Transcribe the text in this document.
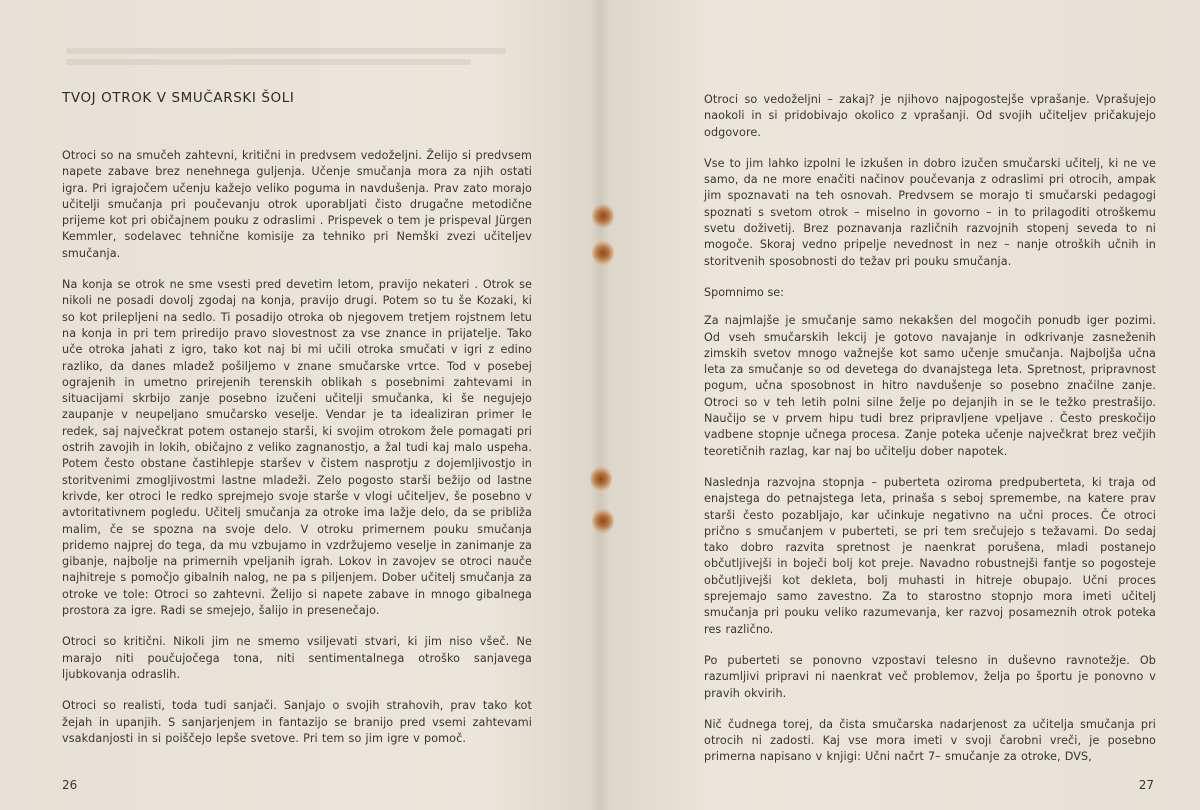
TVOJ OTROK V SMUČARSKI ŠOLI

Otroci so na smučeh zahtevni, kritični in predvsem vedoželjni. Želijo si predvsem napete zabave brez nenehnega guljenja. Učenje smučanja mora za njih ostati igra. Pri igrajočem učenju kažejo veliko poguma in navdušenja. Prav zato morajo učitelji smučanja pri poučevanju otrok uporabljati čisto drugačne metodične prijeme kot pri običajnem pouku z odraslimi . Prispevek o tem je prispeval Jürgen Kemmler, sodelavec tehnične komisije za tehniko pri Nemški zvezi učiteljev smučanja.

Na konja se otrok ne sme vsesti pred devetim letom, pravijo nekateri . Otrok se nikoli ne posadi dovolj zgodaj na konja, pravijo drugi. Potem so tu še Kozaki, ki so kot prilepljeni na sedlo. Ti posadijo otroka ob njegovem tretjem rojstnem letu na konja in pri tem priredijo pravo slovestnost za vse znance in prijatelje. Tako uče otroka jahati z igro, tako kot naj bi mi učili otroka smučati v igri z edino razliko, da danes mladež pošiljemo v znane smučarske vrtce. Tod v posebej ograjenih in umetno prirejenih terenskih oblikah s posebnimi zahtevami in situacijami skrbijo zanje posebno izučeni učitelji smučanka, ki še negujejo zaupanje v neupeljano smučarsko veselje. Vendar je ta idealiziran primer le redek, saj največkrat potem ostanejo starši, ki svojim otrokom žele pomagati pri ostrih zavojih in lokih, običajno z veliko zagnanostjo, a žal tudi kaj malo uspeha. Potem često obstane častihlepje staršev v čistem nasprotju z dojemljivostjo in storitvenimi zmogljivostmi lastne mladeži. Zelo pogosto starši bežijo od lastne krivde, ker otroci le redko sprejmejo svoje starše v vlogi učiteljev, še posebno v avtoritativnem pogledu. Učitelj smučanja za otroke ima lažje delo, da se približa malim, če se spozna na svoje delo. V otroku primernem pouku smučanja pridemo najprej do tega, da mu vzbujamo in vzdržujemo veselje in zanimanje za gibanje, najbolje na primernih vpeljanih igrah. Lokov in zavojev se otroci nauče najhitreje s pomočjo gibalnih nalog, ne pa s piljenjem. Dober učitelj smučanja za otroke ve tole: Otroci so zahtevni. Želijo si napete zabave in mnogo gibalnega prostora za igre. Radi se smejejo, šalijo in presenečajo.

Otroci so kritični. Nikoli jim ne smemo vsiljevati stvari, ki jim niso všeč. Ne marajo niti poučujočega tona, niti sentimentalnega otroško sanjavega ljubkovanja odraslih.

Otroci so realisti, toda tudi sanjači. Sanjajo o svojih strahovih, prav tako kot žejah in upanjih. S sanjarjenjem in fantazijo se branijo pred vsemi zahtevami vsakdanjosti in si poiščejo lepše svetove. Pri tem so jim igre v pomoč.

26

Otroci so vedoželjni – zakaj? je njihovo najpogostejše vprašanje. Vprašujejo naokoli in si pridobivajo okolico z vprašanji. Od svojih učiteljev pričakujejo odgovore.

Vse to jim lahko izpolni le izkušen in dobro izučen smučarski učitelj, ki ne ve samo, da ne more enačiti načinov poučevanja z odraslimi pri otrocih, ampak jim spoznavati na teh osnovah. Predvsem se morajo ti smučarski pedagogi spoznati s svetom otrok – miselno in govorno – in to prilagoditi otroškemu svetu doživetij. Brez poznavanja različnih razvojnih stopenj seveda to ni mogoče. Skoraj vedno pripelje nevednost in nez – nanje otroških učnih in storitvenih sposobnosti do težav pri pouku smučanja.

Spomnimo se:

Za najmlajše je smučanje samo nekakšen del mogočih ponudb iger pozimi. Od vseh smučarskih lekcij je gotovo navajanje in odkrivanje zasneženih zimskih svetov mnogo važnejše kot samo učenje smučanja. Najboljša učna leta za smučanje so od devetega do dvanajstega leta. Spretnost, pripravnost pogum, učna sposobnost in hitro navdušenje so posebno značilne zanje. Otroci so v teh letih polni silne želje po dejanjih in se le težko prestrašijo. Naučijo se v prvem hipu tudi brez pripravljene vpeljave . Često preskočijo vadbene stopnje učnega procesa. Zanje poteka učenje največkrat brez večjih teoretičnih razlag, kar naj bo učitelju dober napotek.

Naslednja razvojna stopnja – puberteta oziroma predpuberteta, ki traja od enajstega do petnajstega leta, prinaša s seboj spremembe, na katere prav starši često pozabljajo, kar učinkuje negativno na učni proces. Če otroci prično s smučanjem v puberteti, se pri tem srečujejo s težavami. Do sedaj tako dobro razvita spretnost je naenkrat porušena, mladi postanejo občutljivejši in boječi bolj kot preje. Navadno robustnejši fantje so pogosteje občutljivejši kot dekleta, bolj muhasti in hitreje obupajo. Učni proces sprejemajo samo zavestno. Za to starostno stopnjo mora imeti učitelj smučanja pri pouku veliko razumevanja, ker razvoj posameznih otrok poteka res različno.

Po puberteti se ponovno vzpostavi telesno in duševno ravnotežje. Ob razumljivi pripravi ni naenkrat več problemov, želja po športu je ponovno v pravih okvirih.

Nič čudnega torej, da čista smučarska nadarjenost za učitelja smučanja pri otrocih ni zadosti. Kaj vse mora imeti v svoji čarobni vreči, je posebno primerna napisano v knjigi: Učni načrt 7– smučanje za otroke, DVS,

27
